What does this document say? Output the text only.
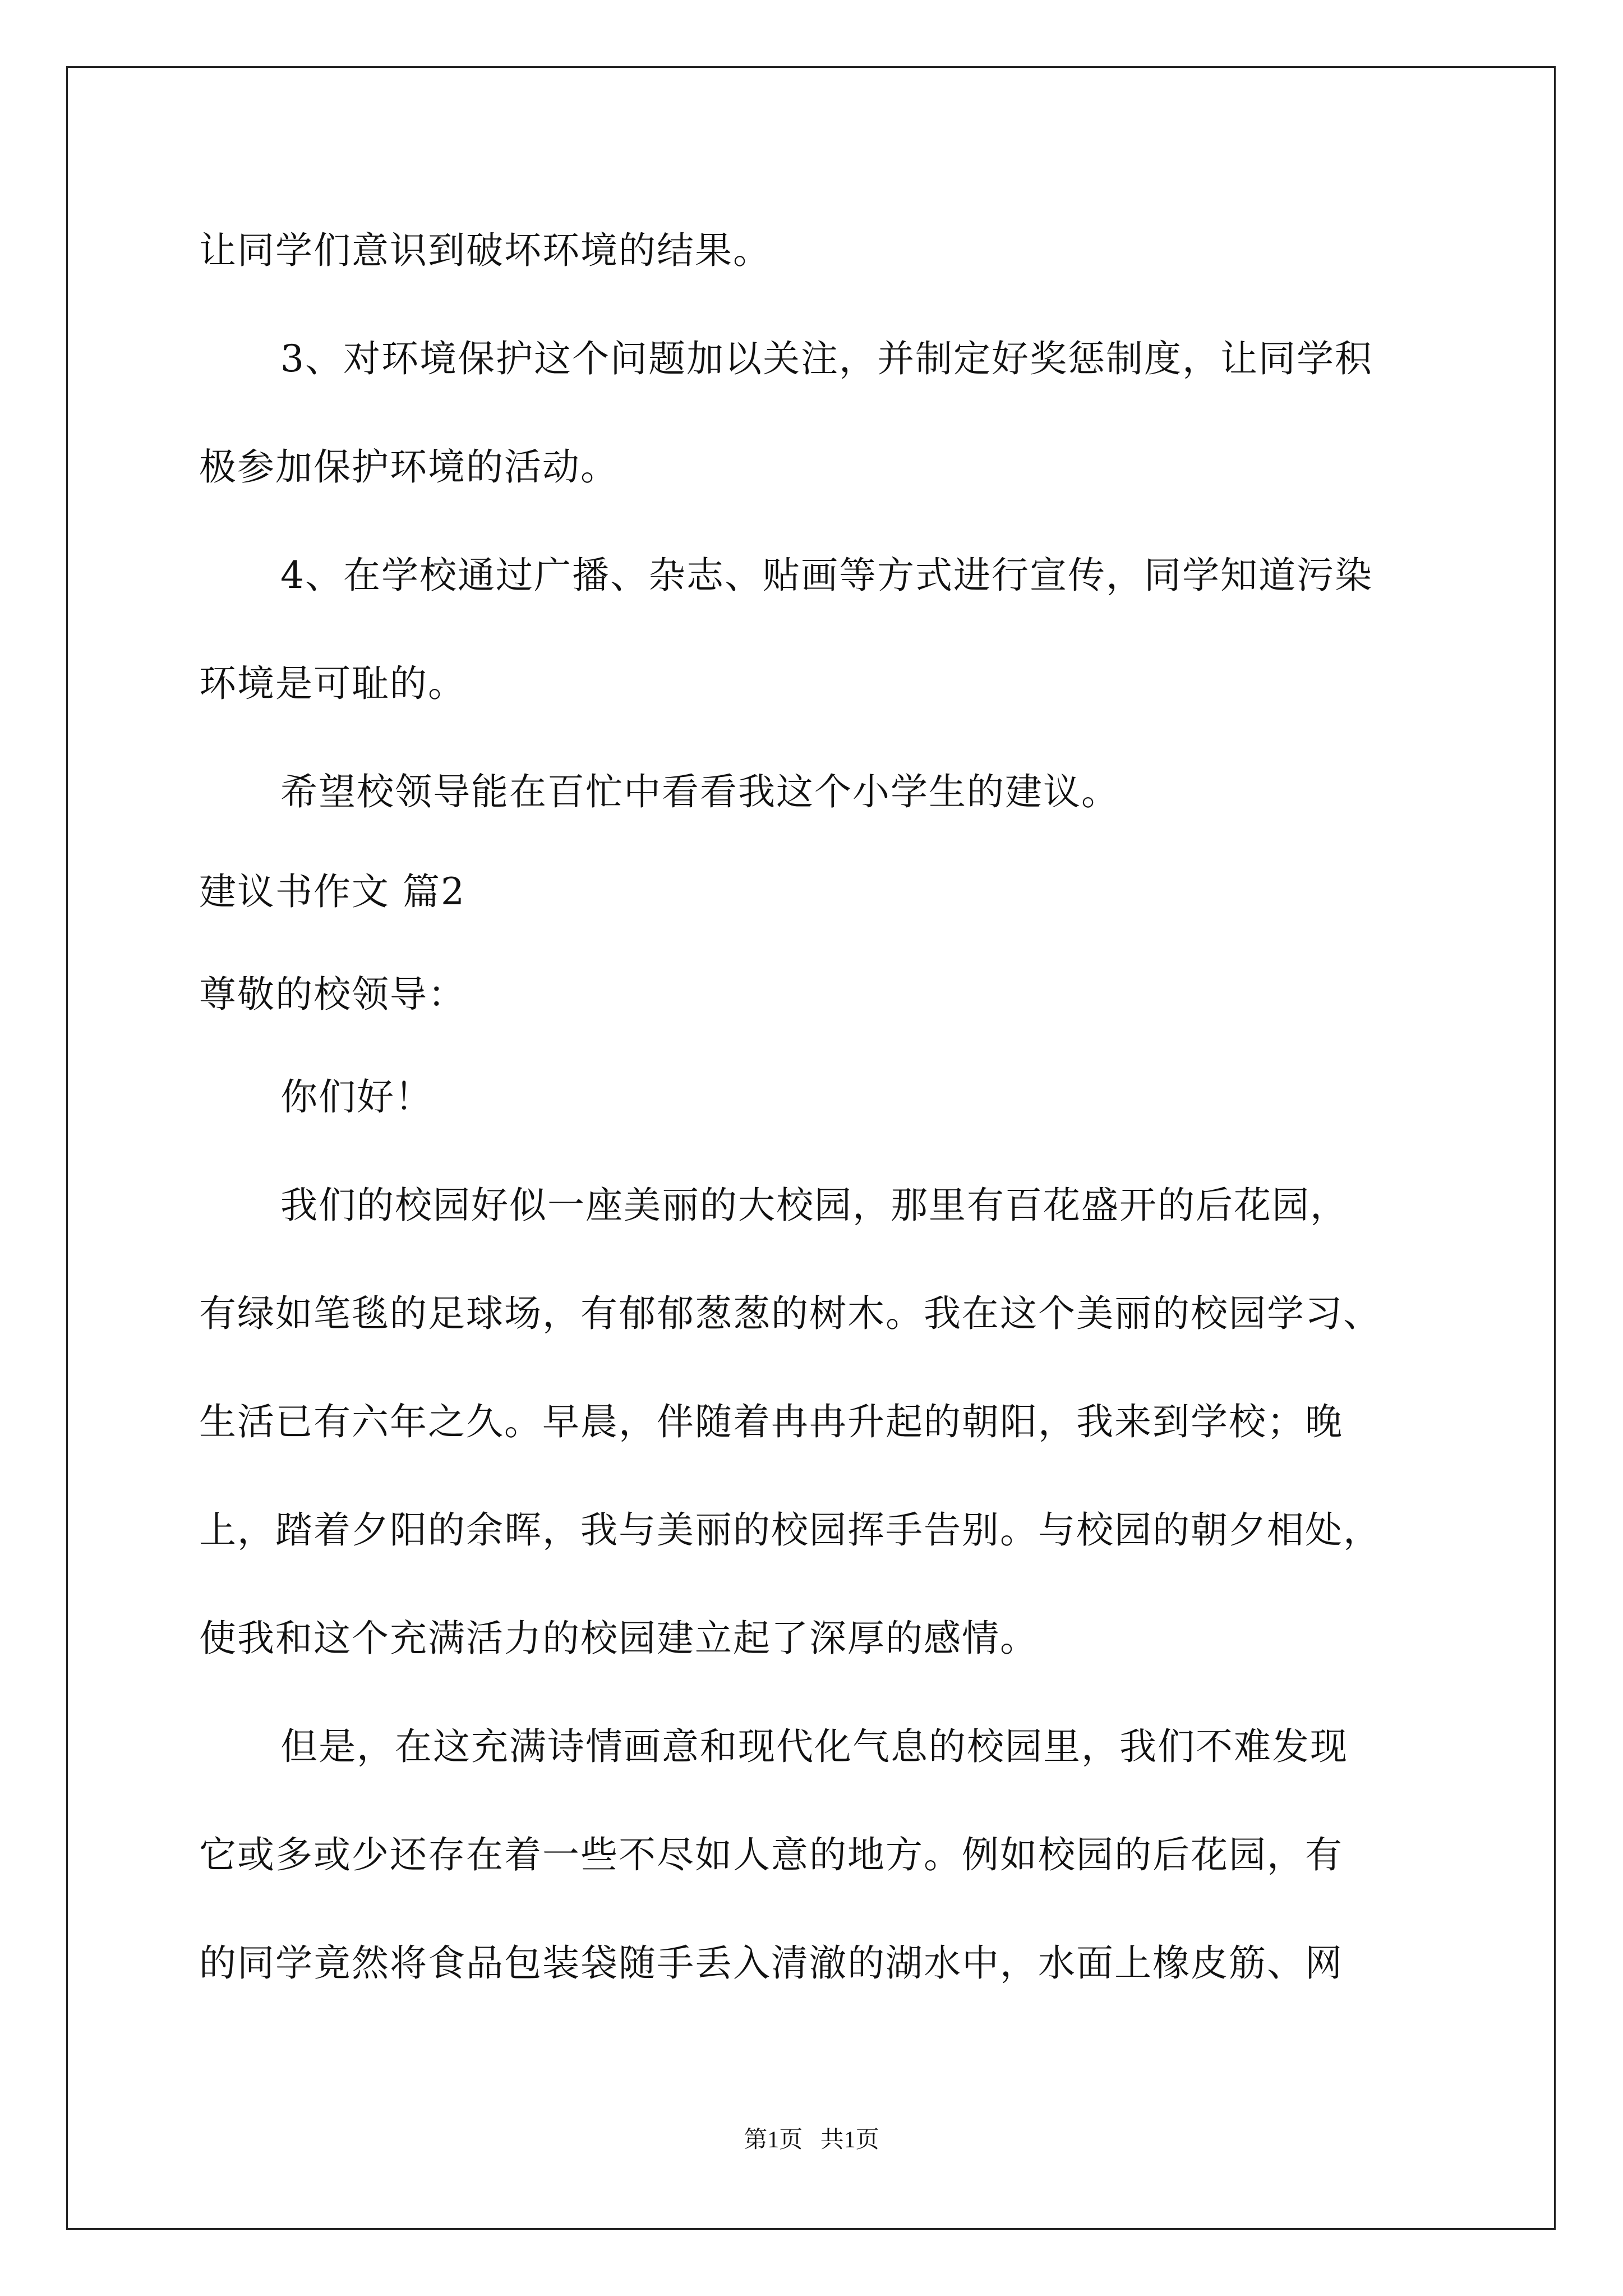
让同学们意识到破坏环境的结果。
3、对环境保护这个问题加以关注，并制定好奖惩制度，让同学积
极参加保护环境的活动。
4、在学校通过广播、杂志、贴画等方式进行宣传，同学知道污染
环境是可耻的。
希望校领导能在百忙中看看我这个小学生的建议。
建议书作文 篇2
尊敬的校领导：
你们好！
我们的校园好似一座美丽的大校园，那里有百花盛开的后花园，
有绿如笔毯的足球场，有郁郁葱葱的树木。我在这个美丽的校园学习、
生活已有六年之久。早晨，伴随着冉冉升起的朝阳，我来到学校；晚
上，踏着夕阳的余晖，我与美丽的校园挥手告别。与校园的朝夕相处，
使我和这个充满活力的校园建立起了深厚的感情。
但是，在这充满诗情画意和现代化气息的校园里，我们不难发现
它或多或少还存在着一些不尽如人意的地方。例如校园的后花园，有
的同学竟然将食品包装袋随手丢入清澈的湖水中，水面上橡皮筋、网
第1页   共1页
